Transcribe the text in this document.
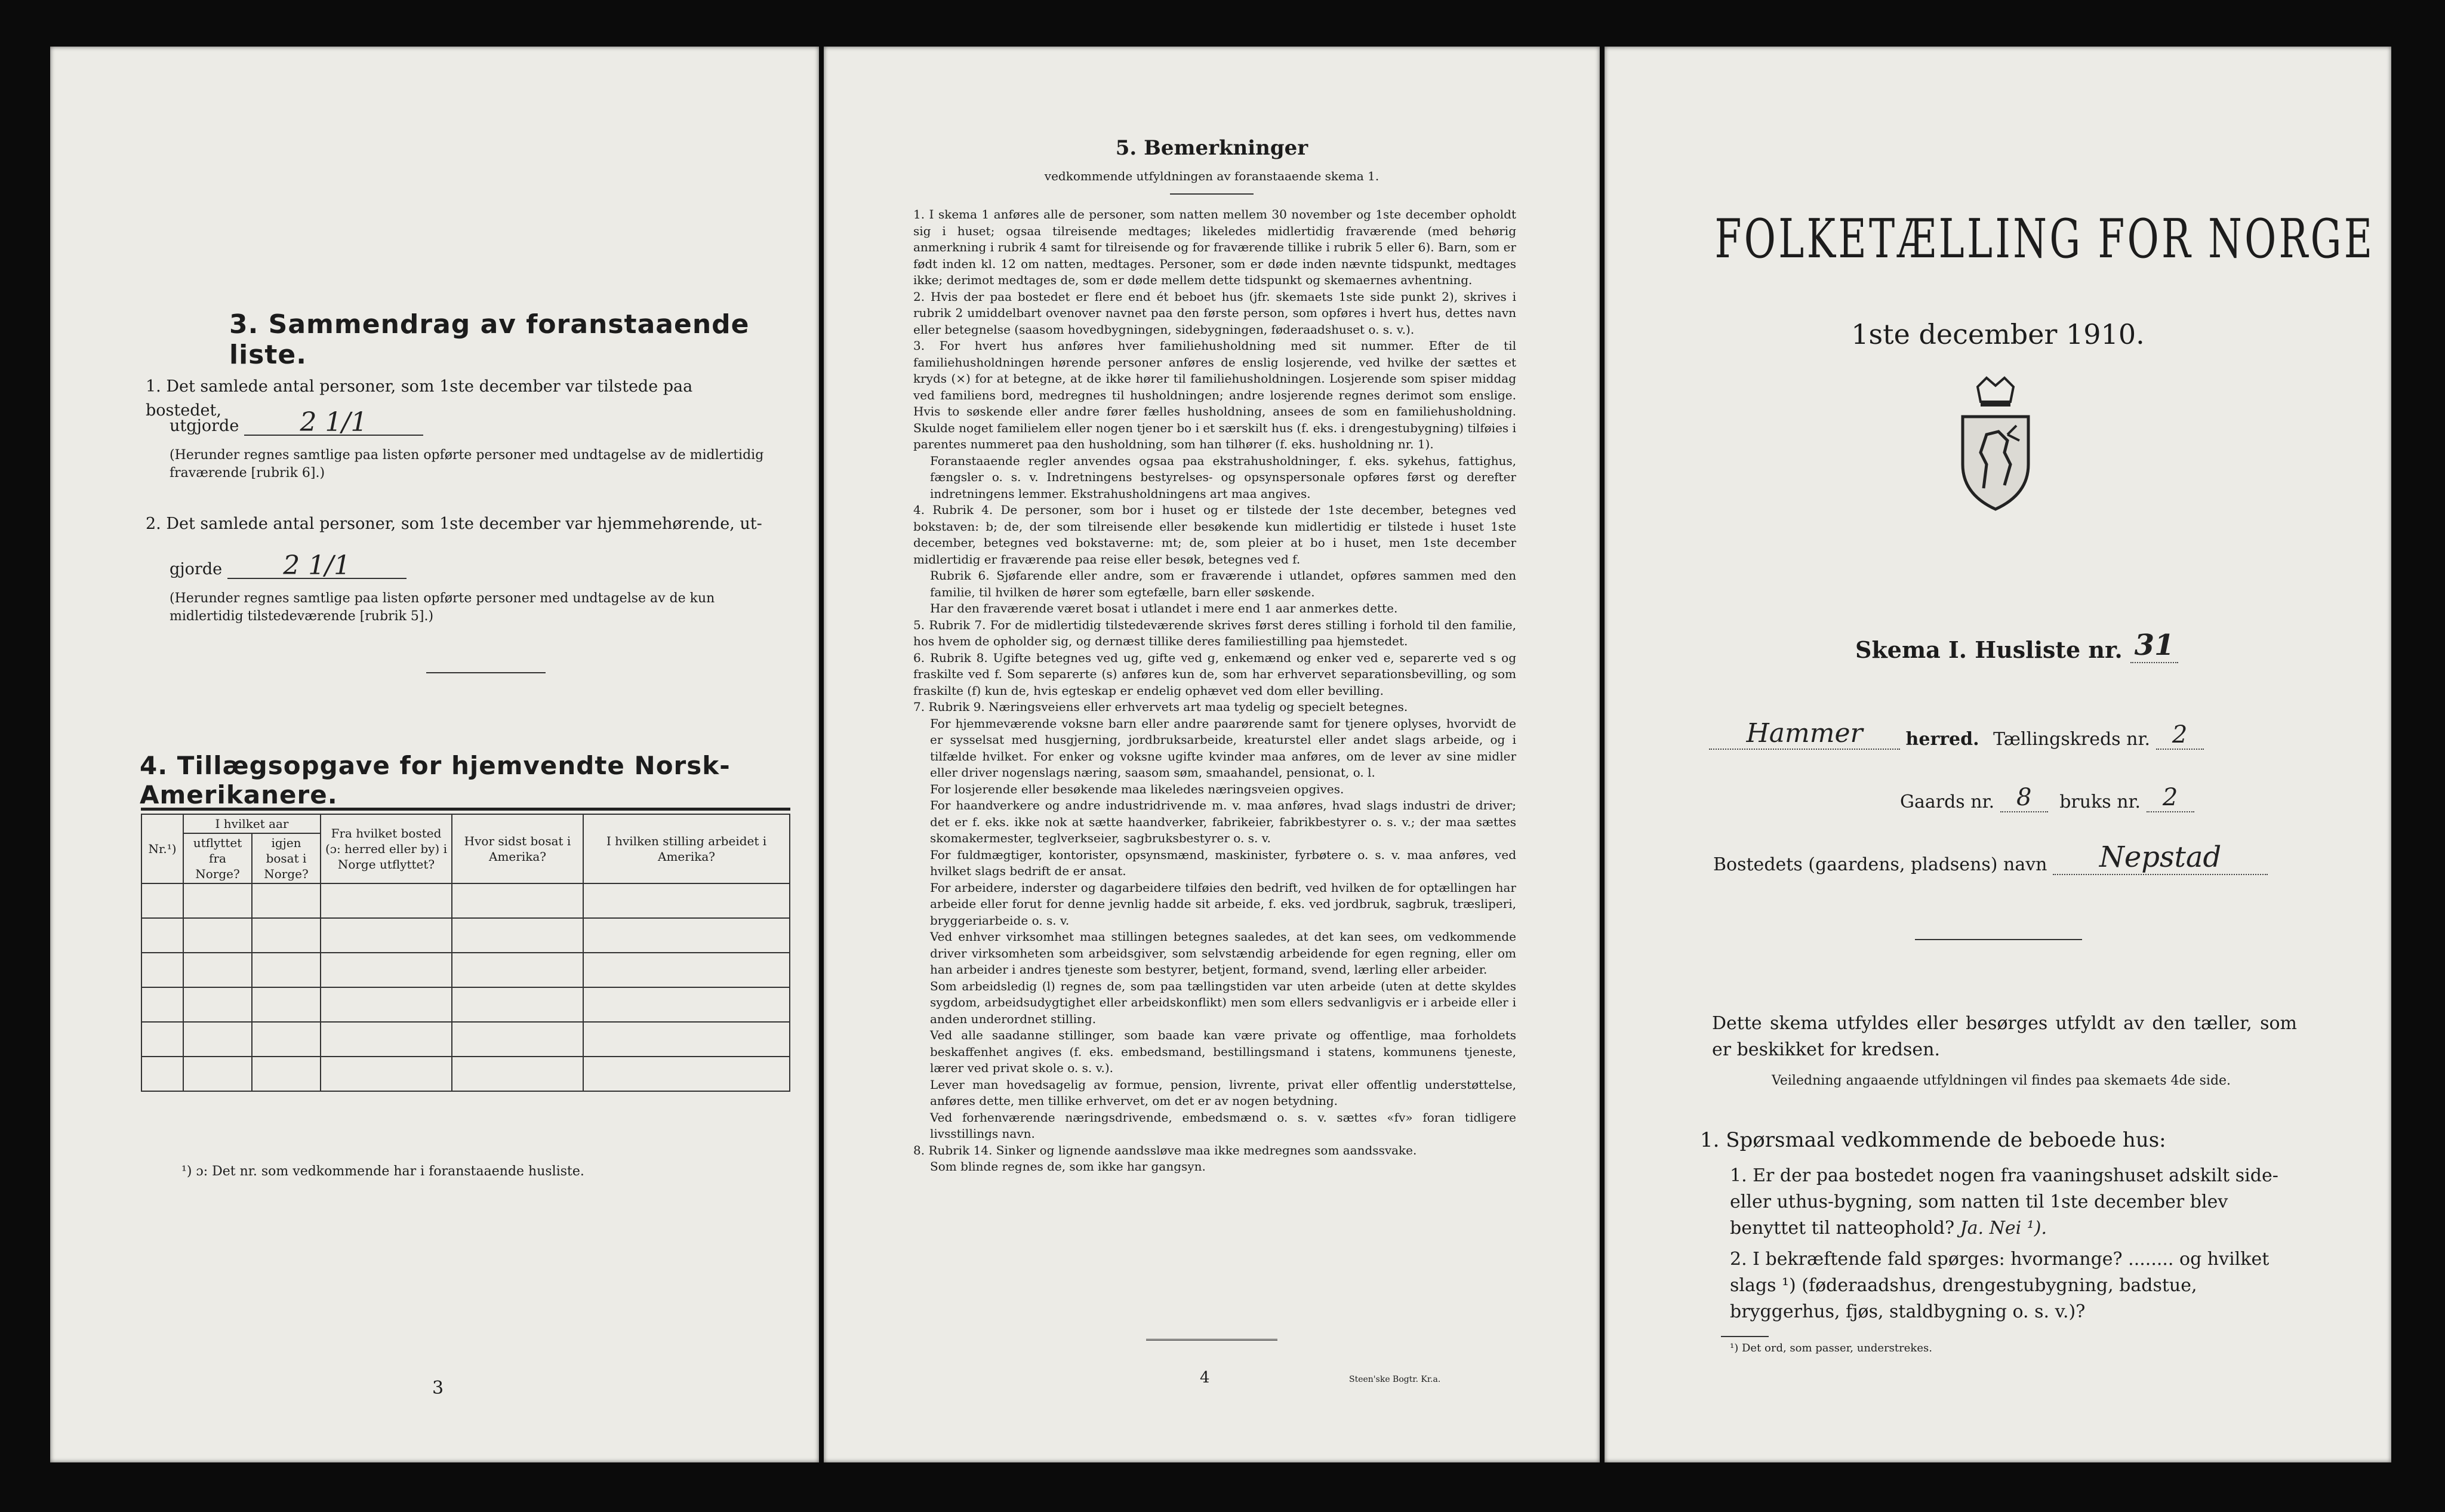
3. Sammendrag av foranstaaende liste.
1. Det samlede antal personer, som 1ste december var tilstede paa bostedet,
utgjorde 2 1/1
(Herunder regnes samtlige paa listen opførte personer med undtagelse av de midlertidig fraværende [rubrik 6].)
2. Det samlede antal personer, som 1ste december var hjemmehørende, ut-
gjorde 2 1/1
(Herunder regnes samtlige paa listen opførte personer med undtagelse av de kun midlertidig tilstedeværende [rubrik 5].)
4. Tillægsopgave for hjemvendte Norsk-Amerikanere.
Nr.¹)	I hvilket aar		Fra hvilket bosted (ɔ: herred eller by) i Norge utflyttet?	Hvor sidst bosat i Amerika?	I hvilken stilling arbeidet i Amerika?
	utflyttet fra Norge?	igjen bosat i Norge?			

¹) ɔ: Det nr. som vedkommende har i foranstaaende husliste.
3
5. Bemerkninger
vedkommende utfyldningen av foranstaaende skema 1.

1. I skema 1 anføres alle de personer, som natten mellem 30 november og 1ste december opholdt sig i huset; ogsaa tilreisende medtages; likeledes midlertidig fraværende (med behørig anmerkning i rubrik 4 samt for tilreisende og for fraværende tillike i rubrik 5 eller 6). Barn, som er født inden kl. 12 om natten, medtages. Personer, som er døde inden nævnte tidspunkt, medtages ikke; derimot medtages de, som er døde mellem dette tidspunkt og skemaernes avhentning.

2. Hvis der paa bostedet er flere end ét beboet hus (jfr. skemaets 1ste side punkt 2), skrives i rubrik 2 umiddelbart ovenover navnet paa den første person, som opføres i hvert hus, dettes navn eller betegnelse (saasom hovedbygningen, sidebygningen, føderaadshuset o. s. v.).

3. For hvert hus anføres hver familiehusholdning med sit nummer. Efter de til familiehusholdningen hørende personer anføres de enslig losjerende, ved hvilke der sættes et kryds (×) for at betegne, at de ikke hører til familiehusholdningen. Losjerende som spiser middag ved familiens bord, medregnes til husholdningen; andre losjerende regnes derimot som enslige. Hvis to søskende eller andre fører fælles husholdning, ansees de som en familiehusholdning. Skulde noget familielem eller nogen tjener bo i et særskilt hus (f. eks. i drengestubygning) tilføies i parentes nummeret paa den husholdning, som han tilhører (f. eks. husholdning nr. 1).

Foranstaaende regler anvendes ogsaa paa ekstrahusholdninger, f. eks. sykehus, fattighus, fængsler o. s. v. Indretningens bestyrelses- og opsynspersonale opføres først og derefter indretningens lemmer. Ekstrahusholdningens art maa angives.

4. Rubrik 4. De personer, som bor i huset og er tilstede der 1ste december, betegnes ved bokstaven: b; de, der som tilreisende eller besøkende kun midlertidig er tilstede i huset 1ste december, betegnes ved bokstaverne: mt; de, som pleier at bo i huset, men 1ste december midlertidig er fraværende paa reise eller besøk, betegnes ved f.

Rubrik 6. Sjøfarende eller andre, som er fraværende i utlandet, opføres sammen med den familie, til hvilken de hører som egtefælle, barn eller søskende.

Har den fraværende været bosat i utlandet i mere end 1 aar anmerkes dette.

5. Rubrik 7. For de midlertidig tilstedeværende skrives først deres stilling i forhold til den familie, hos hvem de opholder sig, og dernæst tillike deres familiestilling paa hjemstedet.

6. Rubrik 8. Ugifte betegnes ved ug, gifte ved g, enkemænd og enker ved e, separerte ved s og fraskilte ved f. Som separerte (s) anføres kun de, som har erhvervet separationsbevilling, og som fraskilte (f) kun de, hvis egteskap er endelig ophævet ved dom eller bevilling.

7. Rubrik 9. Næringsveiens eller erhvervets art maa tydelig og specielt betegnes.

For hjemmeværende voksne barn eller andre paarørende samt for tjenere oplyses, hvorvidt de er sysselsat med husgjerning, jordbruksarbeide, kreaturstel eller andet slags arbeide, og i tilfælde hvilket. For enker og voksne ugifte kvinder maa anføres, om de lever av sine midler eller driver nogenslags næring, saasom søm, smaahandel, pensionat, o. l.

For losjerende eller besøkende maa likeledes næringsveien opgives.

For haandverkere og andre industridrivende m. v. maa anføres, hvad slags industri de driver; det er f. eks. ikke nok at sætte haandverker, fabrikeier, fabrikbestyrer o. s. v.; der maa sættes skomakermester, teglverkseier, sagbruksbestyrer o. s. v.

For fuldmægtiger, kontorister, opsynsmænd, maskinister, fyrbøtere o. s. v. maa anføres, ved hvilket slags bedrift de er ansat.

For arbeidere, inderster og dagarbeidere tilføies den bedrift, ved hvilken de for optællingen har arbeide eller forut for denne jevnlig hadde sit arbeide, f. eks. ved jordbruk, sagbruk, træsliperi, bryggeriarbeide o. s. v.

Ved enhver virksomhet maa stillingen betegnes saaledes, at det kan sees, om vedkommende driver virksomheten som arbeidsgiver, som selvstændig arbeidende for egen regning, eller om han arbeider i andres tjeneste som bestyrer, betjent, formand, svend, lærling eller arbeider.

Som arbeidsledig (l) regnes de, som paa tællingstiden var uten arbeide (uten at dette skyldes sygdom, arbeidsudygtighet eller arbeidskonflikt) men som ellers sedvanligvis er i arbeide eller i anden underordnet stilling.

Ved alle saadanne stillinger, som baade kan være private og offentlige, maa forholdets beskaffenhet angives (f. eks. embedsmand, bestillingsmand i statens, kommunens tjeneste, lærer ved privat skole o. s. v.).

Lever man hovedsagelig av formue, pension, livrente, privat eller offentlig understøttelse, anføres dette, men tillike erhvervet, om det er av nogen betydning.

Ved forhenværende næringsdrivende, embedsmænd o. s. v. sættes «fv» foran tidligere livsstillings navn.

8. Rubrik 14. Sinker og lignende aandssløve maa ikke medregnes som aandssvake.

Som blinde regnes de, som ikke har gangsyn.

4	Steen'ske Bogtr. Kr.a.
FOLKETÆLLING FOR NORGE
1ste december 1910.
Skema I. Husliste nr. 31
Hammer herred. Tællingskreds nr. 2
Gaards nr. 8 bruks nr. 2
Bostedets (gaardens, pladsens) navn Nepstad
Dette skema utfyldes eller besørges utfyldt av den tæller, som er beskikket for kredsen.
Veiledning angaaende utfyldningen vil findes paa skemaets 4de side.
1. Spørsmaal vedkommende de beboede hus:
1. Er der paa bostedet nogen fra vaaningshuset adskilt side- eller uthus-bygning, som natten til 1ste december blev benyttet til natteophold? Ja. Nei ¹).
2. I bekræftende fald spørges: hvormange? ........ og hvilket slags ¹) (føderaadshus, drengestubygning, badstue, bryggerhus, fjøs, staldbygning o. s. v.)?
¹) Det ord, som passer, understrekes.
